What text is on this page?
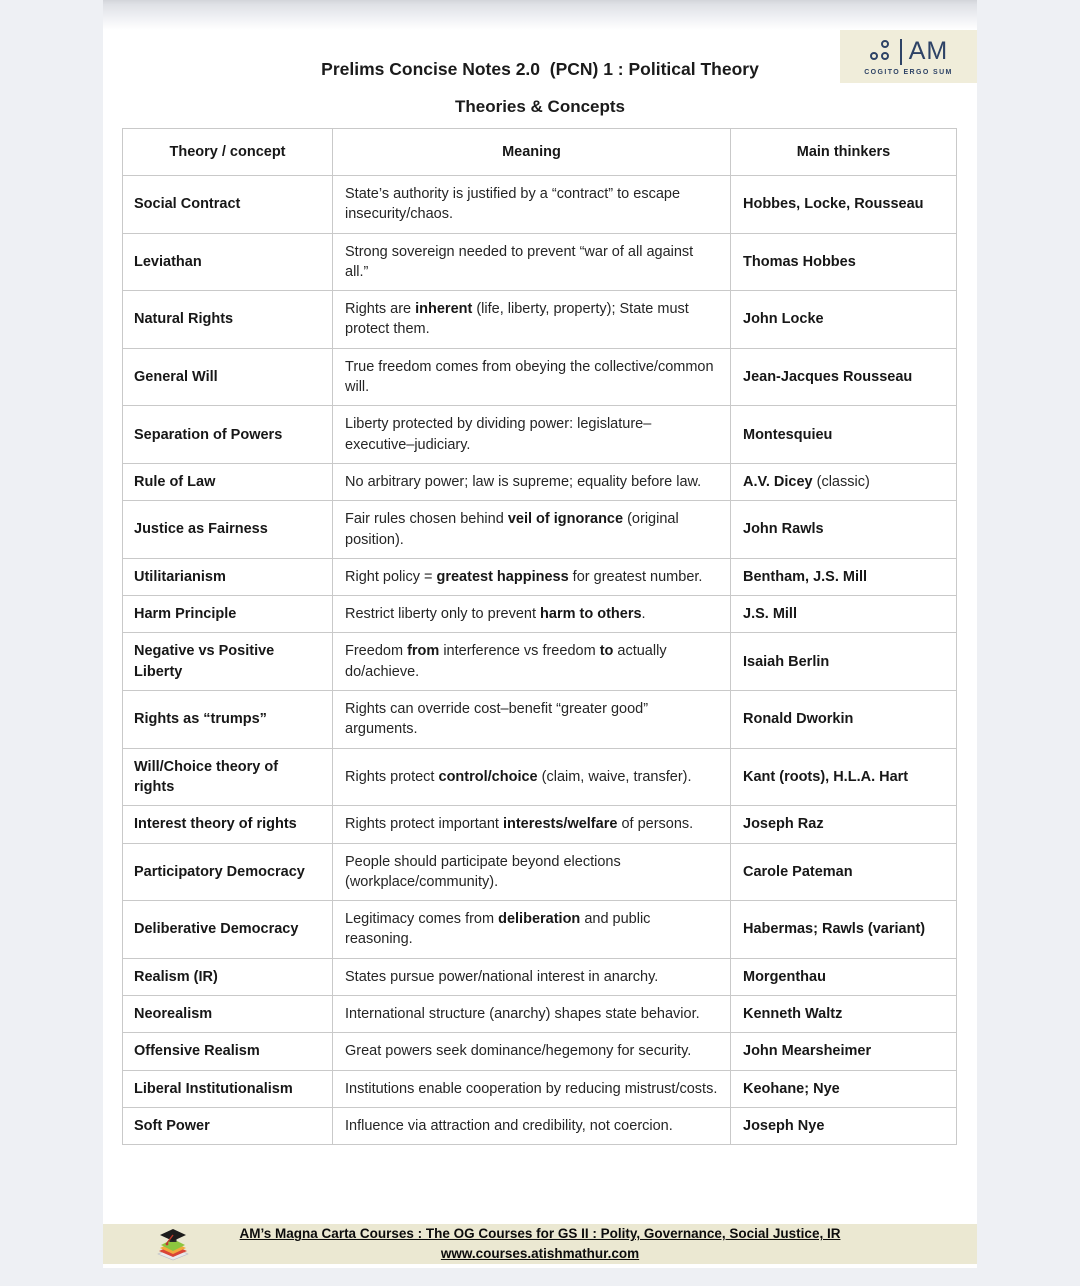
AM
COGITO ERGO SUM
Prelims Concise Notes 2.0  (PCN) 1 : Political Theory
Theories & Concepts
Theory / concept	Meaning	Main thinkers
Social Contract	State’s authority is justified by a “contract” to escape insecurity/chaos.	Hobbes, Locke, Rousseau
Leviathan	Strong sovereign needed to prevent “war of all against all.”	Thomas Hobbes
Natural Rights	Rights are inherent (life, liberty, property); State must protect them.	John Locke
General Will	True freedom comes from obeying the collective/common will.	Jean-Jacques Rousseau
Separation of Powers	Liberty protected by dividing power: legislature–executive–judiciary.	Montesquieu
Rule of Law	No arbitrary power; law is supreme; equality before law.	A.V. Dicey (classic)
Justice as Fairness	Fair rules chosen behind veil of ignorance (original position).	John Rawls
Utilitarianism	Right policy = greatest happiness for greatest number.	Bentham, J.S. Mill
Harm Principle	Restrict liberty only to prevent harm to others.	J.S. Mill
Negative vs Positive Liberty	Freedom from interference vs freedom to actually do/achieve.	Isaiah Berlin
Rights as “trumps”	Rights can override cost–benefit “greater good” arguments.	Ronald Dworkin
Will/Choice theory of rights	Rights protect control/choice (claim, waive, transfer).	Kant (roots), H.L.A. Hart
Interest theory of rights	Rights protect important interests/welfare of persons.	Joseph Raz
Participatory Democracy	People should participate beyond elections (workplace/community).	Carole Pateman
Deliberative Democracy	Legitimacy comes from deliberation and public reasoning.	Habermas; Rawls (variant)
Realism (IR)	States pursue power/national interest in anarchy.	Morgenthau
Neorealism	International structure (anarchy) shapes state behavior.	Kenneth Waltz
Offensive Realism	Great powers seek dominance/hegemony for security.	John Mearsheimer
Liberal Institutionalism	Institutions enable cooperation by reducing mistrust/costs.	Keohane; Nye
Soft Power	Influence via attraction and credibility, not coercion.	Joseph Nye
AM’s Magna Carta Courses : The OG Courses for GS II : Polity, Governance, Social Justice, IR
www.courses.atishmathur.com
